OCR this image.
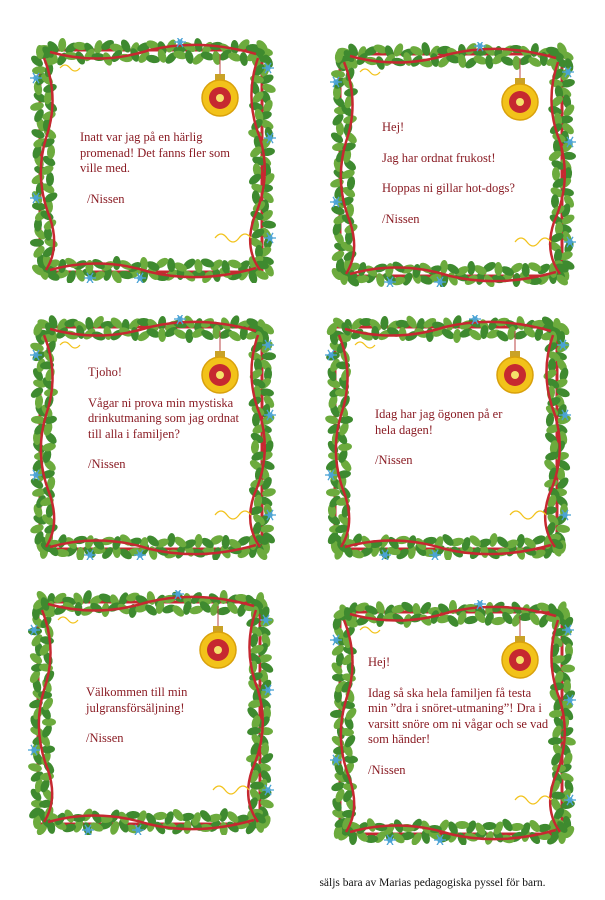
Inatt var jag på en härlig promenad! Det fanns fler som ville med.

/Nissen

Hej!

Jag har ordnat frukost!

Hoppas ni gillar hot-dogs?

/Nissen

Tjoho!

Vågar ni prova min mystiska drinkutmaning som jag ordnat till alla i familjen?

/Nissen

Idag har jag ögonen på er hela dagen!

/Nissen

Välkommen till min julgransförsäljning!

/Nissen

Hej!

Idag så ska hela familjen få testa min ”dra i snöret-utmaning”! Dra i varsitt snöre om ni vågar och se vad som händer!

/Nissen

säljs bara av Marias pedagogiska pyssel för barn.
